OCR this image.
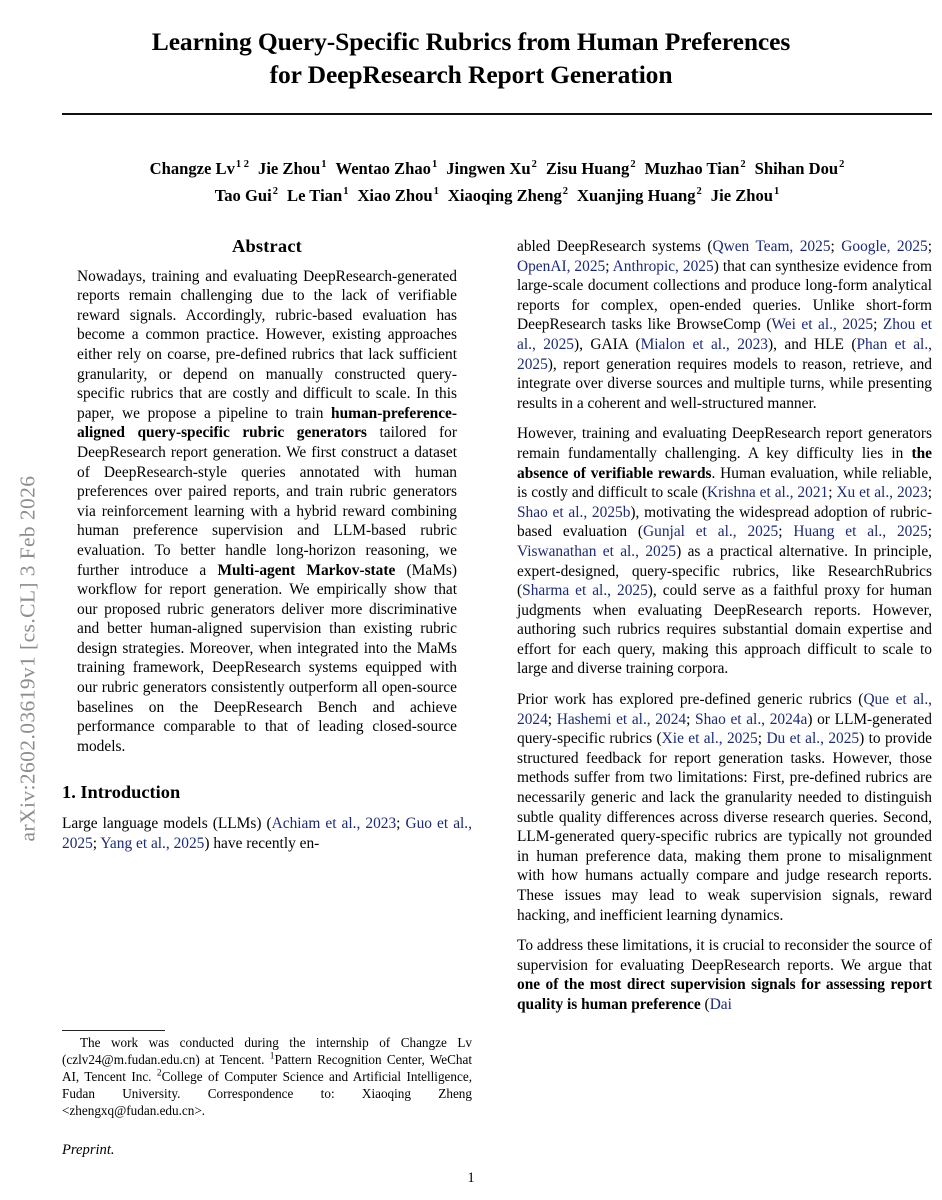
arXiv:2602.03619v1 [cs.CL] 3 Feb 2026
Learning Query-Specific Rubrics from Human Preferences
for DeepResearch Report Generation
Changze $Lv^{1 2}$ Jie Zhou$^1$ Wentao Zhao$^1$ Jingwen Xu$^2$ Zisu Huang$^2$ Muzhao Tian$^2$ Shihan Dou$^2$
Tao Gui$^2$ Le Tian$^1$ Xiao Zhou$^1$ Xiaoqing Zheng$^2$ Xuanjing Huang$^2$ Jie Zhou$^1$
Abstract

Nowadays, training and evaluating DeepResearch-generated reports remain challenging due to the lack of verifiable reward signals. Accordingly, rubric-based evaluation has become a common practice. However, existing approaches either rely on coarse, pre-defined rubrics that lack sufficient granularity, or depend on manually constructed query-specific rubrics that are costly and difficult to scale. In this paper, we propose a pipeline to train human-preference-aligned query-specific rubric generators tailored for DeepResearch report generation. We first construct a dataset of DeepResearch-style queries annotated with human preferences over paired reports, and train rubric generators via reinforcement learning with a hybrid reward combining human preference supervision and LLM-based rubric evaluation. To better handle long-horizon reasoning, we further introduce a Multi-agent Markov-state (MaMs) workflow for report generation. We empirically show that our proposed rubric generators deliver more discriminative and better human-aligned supervision than existing rubric design strategies. Moreover, when integrated into the MaMs training framework, DeepResearch systems equipped with our rubric generators consistently outperform all open-source baselines on the DeepResearch Bench and achieve performance comparable to that of leading closed-source models.

1. Introduction

Large language models (LLMs) (Achiam et al., 2023; Guo et al., 2025; Yang et al., 2025) have recently en-

abled DeepResearch systems (Qwen Team, 2025; Google, 2025; OpenAI, 2025; Anthropic, 2025) that can synthesize evidence from large-scale document collections and produce long-form analytical reports for complex, open-ended queries. Unlike short-form DeepResearch tasks like BrowseComp (Wei et al., 2025; Zhou et al., 2025), GAIA (Mialon et al., 2023), and HLE (Phan et al., 2025), report generation requires models to reason, retrieve, and integrate over diverse sources and multiple turns, while presenting results in a coherent and well-structured manner.

However, training and evaluating DeepResearch report generators remain fundamentally challenging. A key difficulty lies in the absence of verifiable rewards. Human evaluation, while reliable, is costly and difficult to scale (Krishna et al., 2021; Xu et al., 2023; Shao et al., 2025b), motivating the widespread adoption of rubric-based evaluation (Gunjal et al., 2025; Huang et al., 2025; Viswanathan et al., 2025) as a practical alternative. In principle, expert-designed, query-specific rubrics, like ResearchRubrics (Sharma et al., 2025), could serve as a faithful proxy for human judgments when evaluating DeepResearch reports. However, authoring such rubrics requires substantial domain expertise and effort for each query, making this approach difficult to scale to large and diverse training corpora.

Prior work has explored pre-defined generic rubrics (Que et al., 2024; Hashemi et al., 2024; Shao et al., 2024a) or LLM-generated query-specific rubrics (Xie et al., 2025; Du et al., 2025) to provide structured feedback for report generation tasks. However, those methods suffer from two limitations: First, pre-defined rubrics are necessarily generic and lack the granularity needed to distinguish subtle quality differences across diverse research queries. Second, LLM-generated query-specific rubrics are typically not grounded in human preference data, making them prone to misalignment with how humans actually compare and judge research reports. These issues may lead to weak supervision signals, reward hacking, and inefficient learning dynamics.

To address these limitations, it is crucial to reconsider the source of supervision for evaluating DeepResearch reports. We argue that one of the most direct supervision signals for assessing report quality is human preference (Dai

The work was conducted during the internship of Changze Lv (czlv24@m.fudan.edu.cn) at Tencent. $^1$Pattern Recognition Center, WeChat AI, Tencent Inc. $^2$College of Computer Science and Artificial Intelligence, Fudan University. Correspondence to: Xiaoqing Zheng <zhengxq@fudan.edu.cn>.
Preprint.
1
